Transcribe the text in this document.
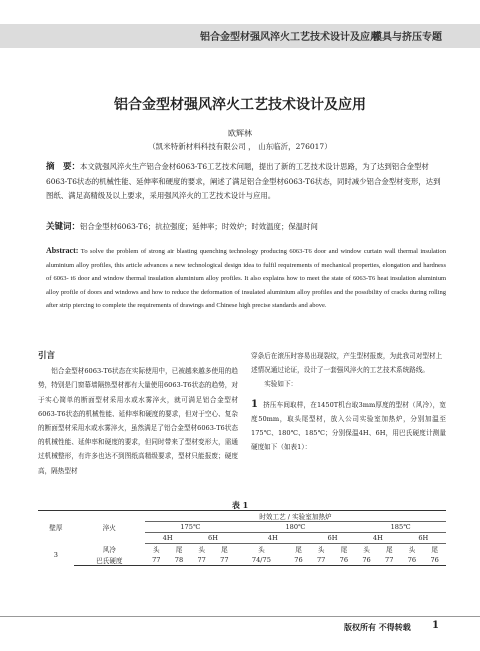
铝合金型材强风淬火工艺技术设计及应用
模具与挤压专题
铝合金型材强风淬火工艺技术设计及应用
欧辉林
（凯米特新材料科技有限公司 ， 山东临沂，276017）
摘　要：本文就强风淬火生产铝合金材6063-T6工艺技术问题，提出了新的工艺技术设计思路，为了达到铝合金型材6063-T6状态的机械性能、延伸率和硬度的要求，阐述了满足铝合金型材6063-T6状态，同时减少铝合金型材变形，达到图纸、满足高精级及以上要求，采用强风淬火的工艺技术设计与应用。
关键词：铝合金型材6063-T6；抗拉强度；延伸率；时效炉；时效温度；保温时间
Abstract: To solve the problem of strong air blasting quenching technology producing 6063-T6 door and window curtain wall thermal insulation aluminium alloy profiles, this article advances a new technological design idea to fulfil requirements of mechanical properties, elongation and hardness of 6063- t6 door and window thermal insulation aluminium alloy profiles. It also explains how to meet the state of 6063-T6 heat insulation aluminium alloy profile of doors and windows and how to reduce the deformation of insulated aluminium alloy profiles and the possibility of cracks during rolling after strip piercing to complete the requirements of drawings and Chinese high precise standards and above.
引言

铝合金型材6063-T6状态在实际使用中，已被越来越多使用的趋势，特别是门窗幕墙隔热型材都有大量使用6063-T6状态的趋势，对于实心简单的断面型材采用水或水雾淬火，就可满足铝合金型材6063-T6状态的机械性能、延伸率和硬度的要求，但对于空心、复杂的断面型材采用水或水雾淬火，虽然满足了铝合金型材6063-T6状态的机械性能、延伸率和硬度的要求，但同时带来了型材变形大，需通过机械整形，有许多也达不到图纸高精级要求，型材只能报废；硬度高，隔热型材

穿条后在滚压时容易出现裂纹，产生型材报废，为此我司对型材上述情况通过论证，设计了一套强风淬火的工艺技术系统路线。

实验如下：

1 挤压车间取样，在1450T机台取3mm厚度的型材（风冷），宽度50mm，取头尾型材，放入公司实验室加热炉，分别加温至175℃、180℃、185℃；分别保温4H、6H，用巴氏硬度计测量硬度如下（如表1）：

表 1
壁厚	淬火	时效工艺 / 实验室加热炉											
		175℃				180℃				185℃			
		4H		6H		4H		6H		4H		6H	
3	风冷	头	尾	头	尾	头	尾	头	尾	头	尾	头	尾
	巴氏硬度	77	78	77	77	74/75	76	77	76	76	77	76	76
版权所有 不得转载 1
